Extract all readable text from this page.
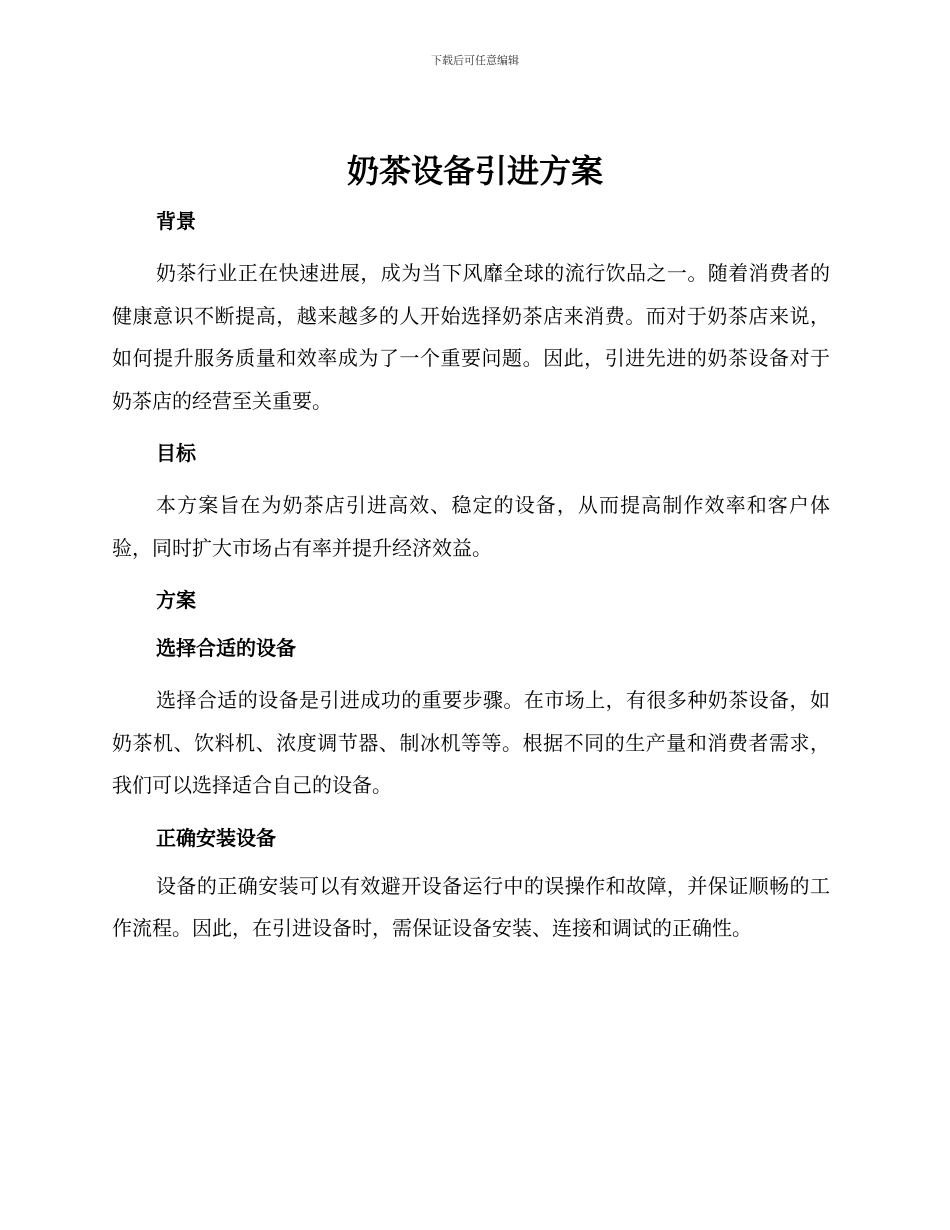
下载后可任意编辑
奶茶设备引进方案
背景

奶茶行业正在快速进展，成为当下风靡全球的流行饮品之一。随着消费者的健康意识不断提高，越来越多的人开始选择奶茶店来消费。而对于奶茶店来说，如何提升服务质量和效率成为了一个重要问题。因此，引进先进的奶茶设备对于奶茶店的经营至关重要。

目标

本方案旨在为奶茶店引进高效、稳定的设备，从而提高制作效率和客户体验，同时扩大市场占有率并提升经济效益。

方案
选择合适的设备

选择合适的设备是引进成功的重要步骤。在市场上，有很多种奶茶设备，如奶茶机、饮料机、浓度调节器、制冰机等等。根据不同的生产量和消费者需求，我们可以选择适合自己的设备。

正确安装设备

设备的正确安装可以有效避开设备运行中的误操作和故障，并保证顺畅的工作流程。因此，在引进设备时，需保证设备安装、连接和调试的正确性。
